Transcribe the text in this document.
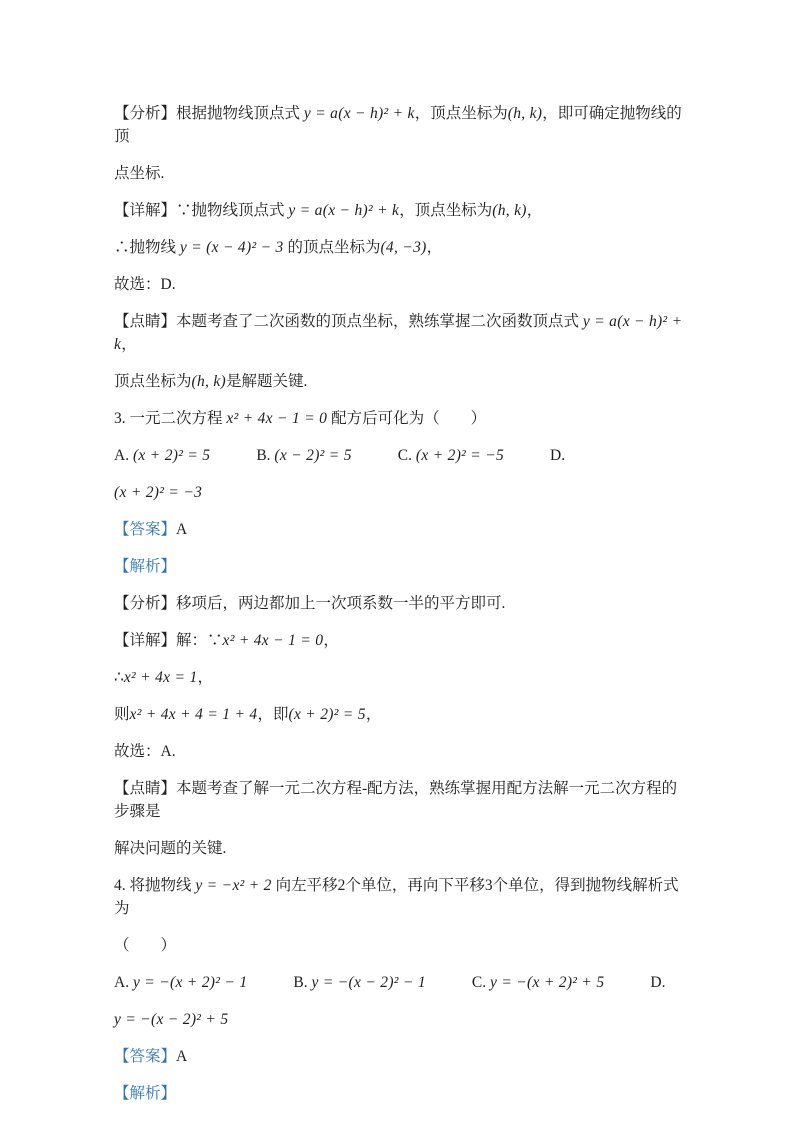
【分析】根据抛物线顶点式 y = a(x − h)² + k，顶点坐标为(h, k)，即可确定抛物线的顶
点坐标.
【详解】∵抛物线顶点式 y = a(x − h)² + k，顶点坐标为(h, k)，
∴抛物线 y = (x − 4)² − 3 的顶点坐标为(4, −3)，
故选：D.
【点睛】本题考查了二次函数的顶点坐标，熟练掌握二次函数顶点式 y = a(x − h)² + k，
顶点坐标为(h, k)是解题关键.
3. 一元二次方程 x² + 4x − 1 = 0 配方后可化为（　　）
A. (x + 2)² = 5	B. (x − 2)² = 5	C. (x + 2)² = −5	D.
(x + 2)² = −3
【答案】A
【解析】
【分析】移项后，两边都加上一次项系数一半的平方即可.
【详解】解：∵x² + 4x − 1 = 0，
∴x² + 4x = 1，
则x² + 4x + 4 = 1 + 4，即(x + 2)² = 5，
故选：A.
【点睛】本题考查了解一元二次方程-配方法，熟练掌握用配方法解一元二次方程的步骤是
解决问题的关键.
4. 将抛物线 y = −x² + 2 向左平移2个单位，再向下平移3个单位，得到抛物线解析式为
（　　）
A. y = −(x + 2)² − 1	B. y = −(x − 2)² − 1	C. y = −(x + 2)² + 5	D.
y = −(x − 2)² + 5
【答案】A
【解析】
